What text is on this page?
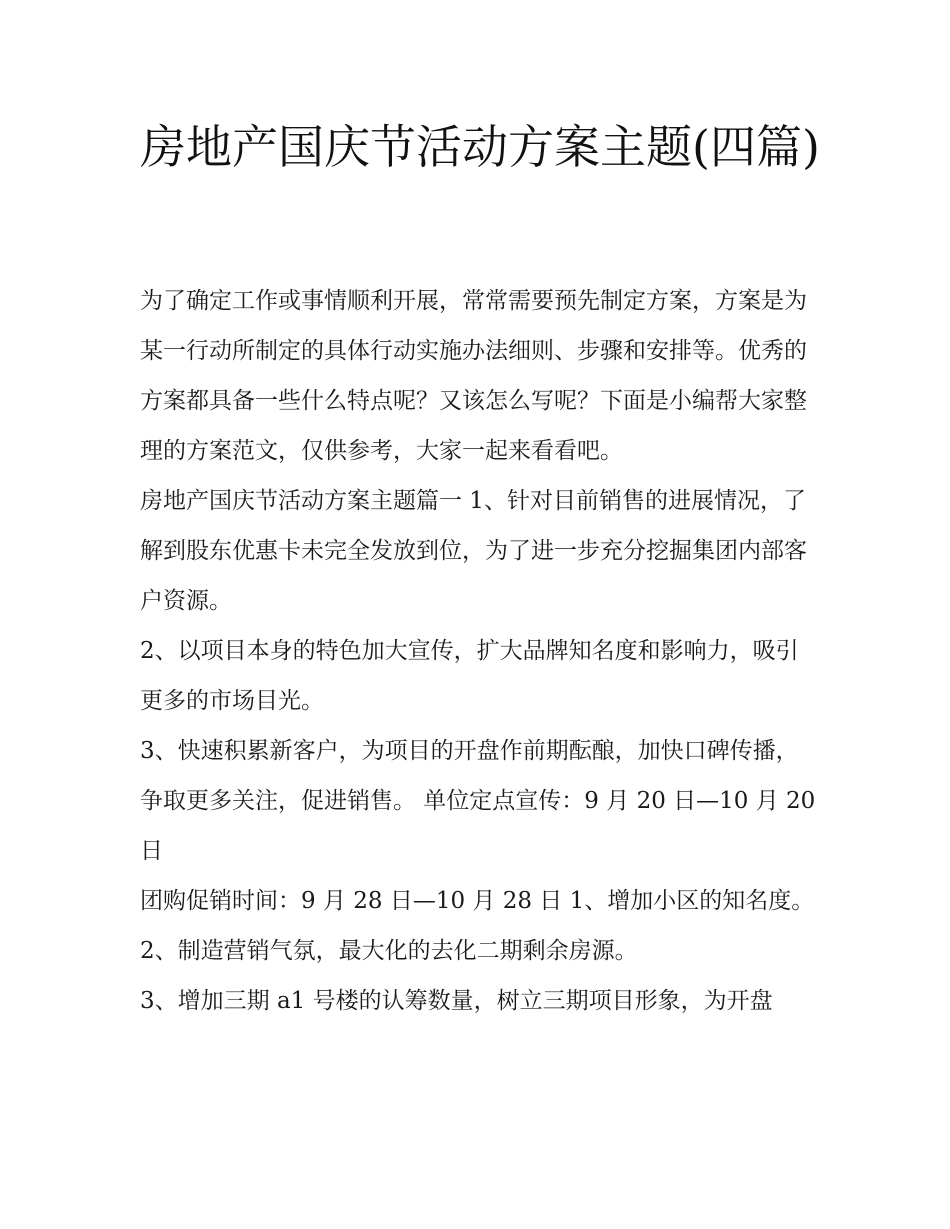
房地产国庆节活动方案主题(四篇)

为了确定工作或事情顺利开展，常常需要预先制定方案，方案是为某一行动所制定的具体行动实施办法细则、步骤和安排等。优秀的方案都具备一些什么特点呢？又该怎么写呢？下面是小编帮大家整理的方案范文，仅供参考，大家一起来看看吧。

房地产国庆节活动方案主题篇一 1、针对目前销售的进展情况，了解到股东优惠卡未完全发放到位，为了进一步充分挖掘集团内部客户资源。

2、以项目本身的特色加大宣传，扩大品牌知名度和影响力，吸引更多的市场目光。

3、快速积累新客户，为项目的开盘作前期酝酿，加快口碑传播，争取更多关注，促进销售。 单位定点宣传：9 月 20 日—10 月 20 日

团购促销时间：9 月 28 日—10 月 28 日 1、增加小区的知名度。 2、制造营销气氛，最大化的去化二期剩余房源。

3、增加三期 a1 号楼的认筹数量，树立三期项目形象，为开盘
